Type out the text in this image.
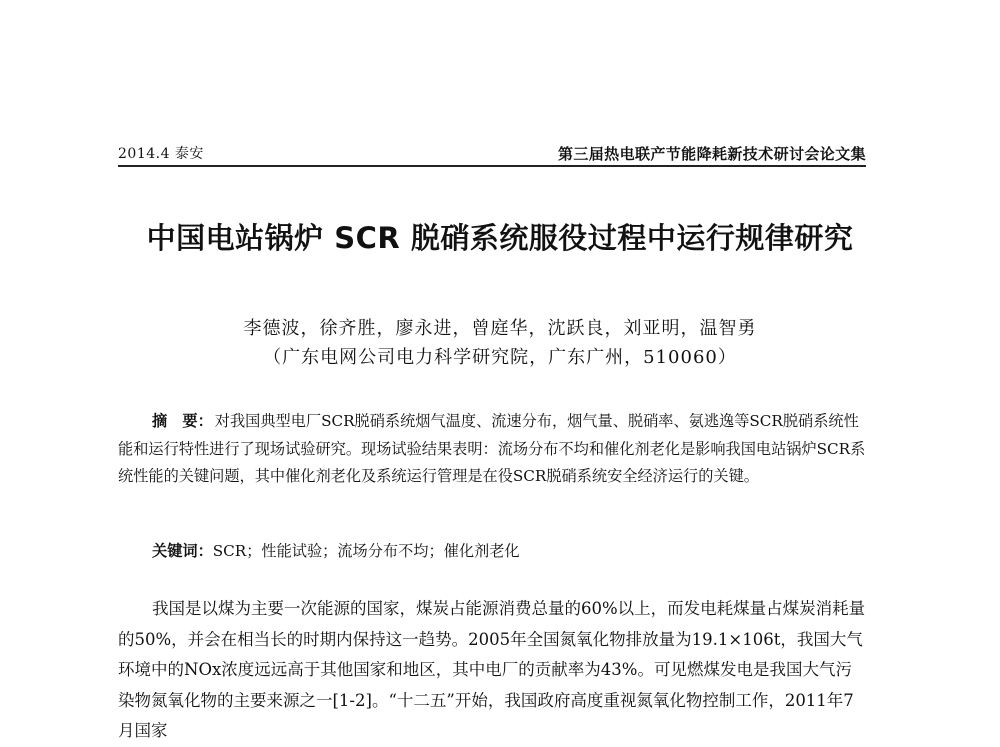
2014.4 泰安	第三届热电联产节能降耗新技术研讨会论文集
中国电站锅炉 SCR 脱硝系统服役过程中运行规律研究
李德波，徐齐胜，廖永进，曾庭华，沈跃良，刘亚明，温智勇
（广东电网公司电力科学研究院，广东广州，510060）
摘　要： 对我国典型电厂SCR脱硝系统烟气温度、流速分布，烟气量、脱硝率、氨逃逸等SCR脱硝系统性能和运行特性进行了现场试验研究。现场试验结果表明：流场分布不均和催化剂老化是影响我国电站锅炉SCR系统性能的关键问题，其中催化剂老化及系统运行管理是在役SCR脱硝系统安全经济运行的关键。
关键词：SCR；性能试验；流场分布不均；催化剂老化
我国是以煤为主要一次能源的国家，煤炭占能源消费总量的60%以上，而发电耗煤量占煤炭消耗量的50%，并会在相当长的时期内保持这一趋势。2005年全国氮氧化物排放量为19.1×106t，我国大气环境中的NOx浓度远远高于其他国家和地区，其中电厂的贡献率为43%。可见燃煤发电是我国大气污染物氮氧化物的主要来源之一[1-2]。“十二五”开始，我国政府高度重视氮氧化物控制工作，2011年7月国家
